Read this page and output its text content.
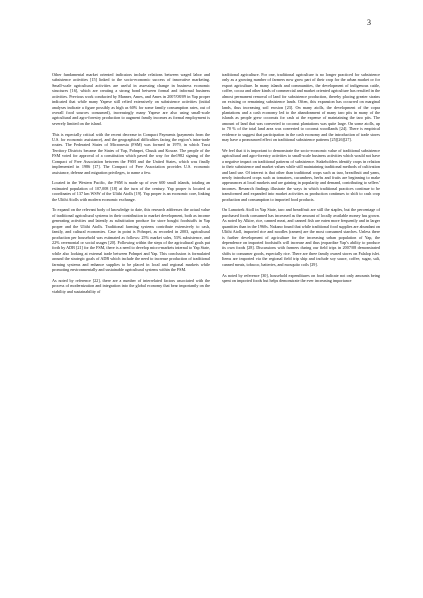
3

Other fundamental market oriented indicators include relations between waged labor and subsistence activities [15] linked to the socio-economic success of innovative marketing. Small-scale agricultural activities are useful in assessing change in business economic structures [16], which are creating a strong bond between formal and informal business activities. Previous work conducted by Manner, Ames, and Ames in 2007/08/09 in Yap proper indicated that while many Yapese still relied extensively on subsistence activities (initial analyses indicate a figure possibly as high as 60% for some family consumption rates, out of overall food sources consumed), increasingly many Yapese are also using small-scale agricultural and agro-forestry production to augment family incomes as formal employment is severely limited on the island.

This is especially critical with the recent decrease in Compact Payments (payments from the U.S. for economic assistance), and the geographical difficulties facing the region’s intra-trade routes. The Federated States of Micronesia (FSM) was formed in 1979, in which Trust Territory Districts became the States of Yap, Pohnpei, Chuuk and Kosrae. The people of the FSM voted for approval of a constitution which paved the way for the1982 signing of the Compact of Free Association between the FSM and the United States, which was finally implemented in 1986 [17]. The Compact of Free Association provides U.S. economic assistance, defense and migration privileges, to name a few.

Located in the Western Pacific, the FSM is made up of over 600 small islands, totaling an estimated population of 107,008 [18] at the turn of the century. Yap proper is located at coordinates of 137 km WSW of the Ulithi Atolls [19]. Yap proper is an economic core, linking the Ulithi Atolls with modern economic exchange.

To expand on the relevant body of knowledge to date, this research addresses the actual value of traditional agricultural systems in their contribution to market development, both as income generating activities and latently as substitution produce for store bought foodstuffs in Yap proper and the Ulithi Atolls. Traditional farming systems contribute extensively to cash, family, and cultural economies. Case in point is Pohnpei, as recorded in 2003, agricultural production per household was estimated as follows: 25% market sales, 53% subsistence, and 22% ceremonial or social usages [20]. Following within the steps of the agricultural goals put forth by ADB [21] for the FSM, there is a need to develop micro-markets internal to Yap State, while also looking at external trade between Pohnpei and Yap. This conclusion is formulated around the strategic goals of ADB which include the need to increase production of traditional farming systems and enhance supplies to be placed in local and regional markets while promoting environmentally and sustainable agricultural systems within the FSM.

As noted by reference [22], there are a number of interrelated factors associated with the process of modernization and integration into the global economy that bear importantly on the viability and sustainability of

traditional agriculture. For one, traditional agriculture is no longer practiced for subsistence only as a growing number of farmers now grow part of their crop for the urban market or for export agriculture. In many islands and communities, the development of indigenous cattle, coffee, cocoa and other kinds of commercial and market oriented agriculture has resulted in the almost permanent removal of land for subsistence production, thereby placing greater strains on existing or remaining subsistence lands. Often, this expansion has occurred on marginal lands, thus increasing soil erosion [23]. On many atolls, the development of the copra plantations and a cash economy led to the abandonment of many taro pits in many of the islands as people grew coconuts for cash at the expense of maintaining the taro pits. The amount of land that was converted to coconut plantations was quite large. On some atolls, up to 70 % of the total land area was converted to coconut woodlands [24]. There is empirical evidence to suggest that participation in the cash economy and the introduction of trade stores may have a pronounced effect on traditional subsistence patterns [25][26][27].

We feel that it is important to demonstrate the socio-economic value of traditional subsistence agricultural and agro-forestry activities to small-scale business activities which would not have a negative impact on traditional patterns of subsistence. Stakeholders identify crops in relation to their subsistence and market values while still maintaining traditional methods of cultivation and land use. Of interest is that other than traditional crops such as taro, breadfruit and yams, newly introduced crops such as tomatoes, cucumbers, herbs and fruits are beginning to make appearances at local markets and are gaining in popularity and demand, contributing to sellers’ incomes. Research findings illustrate the ways in which traditional practices continue to be transformed and expanded into market activities as production continues to shift to cash crop production and consumption to imported food products.

On Lamotrek Atoll in Yap State, taro and breadfruit are still the staples, but the percentage of purchased foods consumed has increased as the amount of locally available money has grown. As noted by Alkire, rice, canned meat, and canned fish are eaten more frequently and in larger quantities than in the 1960s. Nakano found that while traditional food supplies are abundant on Ulithi Atoll, imported rice and noodles (ramen) are the most consumed starches. Unless there is further development of agriculture for the increasing urban population of Yap, the dependence on imported foodstuffs will increase and thus jeopardize Yap’s ability to produce its own foods [28]. Discussions with farmers during our field trips in 2007/08 demonstrated shifts to consumer goods, especially rice. There are three family owned stores on Falalop islet. Items are imported via the regional field trip ship and include soy sauce, coffee, sugar, salt, canned meats, tobacco, batteries, and mosquito coils [29].

As noted by reference [30], household expenditures on food indicate not only amounts being spent on imported foods but helps demonstrate the ever increasing importance
